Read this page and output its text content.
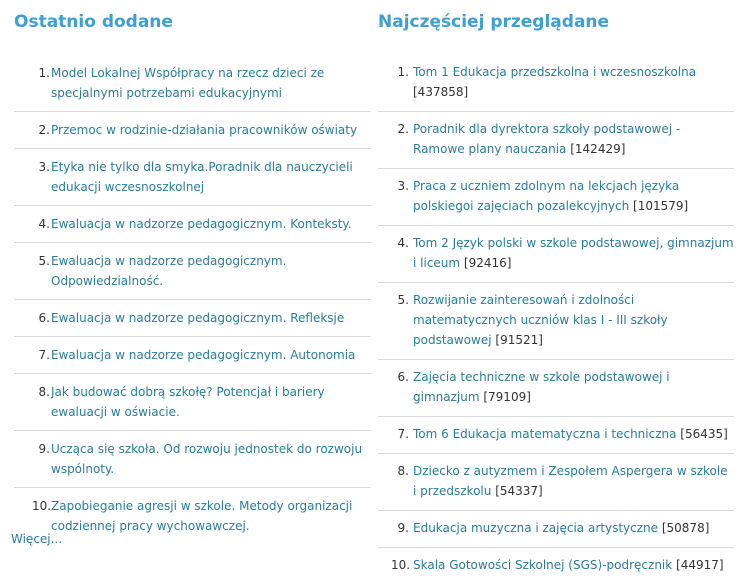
Ostatnio dodane
1. Model Lokalnej Współpracy na rzecz dzieci ze specjalnymi potrzebami edukacyjnymi
2. Przemoc w rodzinie-działania pracowników oświaty
3. Etyka nie tylko dla smyka.Poradnik dla nauczycieli edukacji wczesnoszkolnej
4. Ewaluacja w nadzorze pedagogicznym. Konteksty.
5. Ewaluacja w nadzorze pedagogicznym. Odpowiedzialność.
6. Ewaluacja w nadzorze pedagogicznym. Refleksje
7. Ewaluacja w nadzorze pedagogicznym. Autonomia
8. Jak budować dobrą szkołę? Potencjał i bariery ewaluacji w oświacie.
9. Ucząca się szkoła. Od rozwoju jednostek do rozwoju wspólnoty.
10. Zapobieganie agresji w szkole. Metody organizacji codziennej pracy wychowawczej.
Najczęściej przeglądane
1. Tom 1 Edukacja przedszkolna i wczesnoszkolna [437858]
2. Poradnik dla dyrektora szkoły podstawowej - Ramowe plany nauczania [142429]
3. Praca z uczniem zdolnym na lekcjach języka polskiegoi zajęciach pozalekcyjnych [101579]
4. Tom 2 Język polski w szkole podstawowej, gimnazjum i liceum [92416]
5. Rozwijanie zainteresowań i zdolności matematycznych uczniów klas I - III szkoły podstawowej [91521]
6. Zajęcia techniczne w szkole podstawowej i gimnazjum [79109]
7. Tom 6 Edukacja matematyczna i techniczna [56435]
8. Dziecko z autyzmem i Zespołem Aspergera w szkole i przedszkolu [54337]
9. Edukacja muzyczna i zajęcia artystyczne [50878]
10. Skala Gotowości Szkolnej (SGS)-podręcznik [44917]
Więcej...
